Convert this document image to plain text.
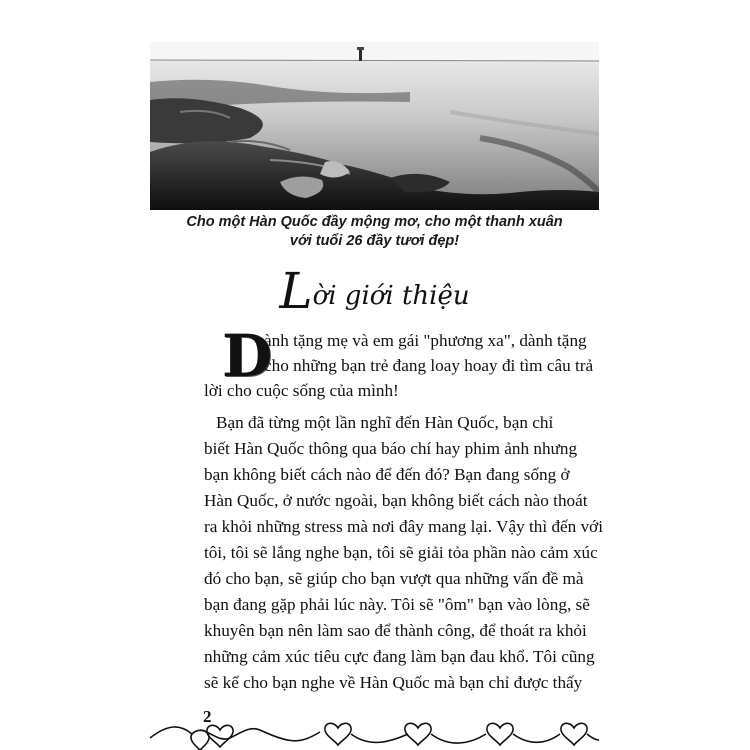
Cho một Hàn Quốc đầy mộng mơ, cho một thanh xuân
với tuổi 26 đầy tươi đẹp!
Lời giới thiệu
D
ành tặng mẹ và em gái "phương xa", dành tặng
cho những bạn trẻ đang loay hoay đi tìm câu trả
lời cho cuộc sống của mình!
Bạn đã từng một lần nghĩ đến Hàn Quốc, bạn chỉ
biết Hàn Quốc thông qua báo chí hay phim ảnh nhưng
bạn không biết cách nào để đến đó? Bạn đang sống ở
Hàn Quốc, ở nước ngoài, bạn không biết cách nào thoát
ra khỏi những stress mà nơi đây mang lại. Vậy thì đến với
tôi, tôi sẽ lắng nghe bạn, tôi sẽ giải tỏa phần nào cảm xúc
đó cho bạn, sẽ giúp cho bạn vượt qua những vấn đề mà
bạn đang gặp phải lúc này. Tôi sẽ "ôm" bạn vào lòng, sẽ
khuyên bạn nên làm sao để thành công, để thoát ra khỏi
những cảm xúc tiêu cực đang làm bạn đau khổ. Tôi cũng
sẽ kể cho bạn nghe về Hàn Quốc mà bạn chỉ được thấy
2
